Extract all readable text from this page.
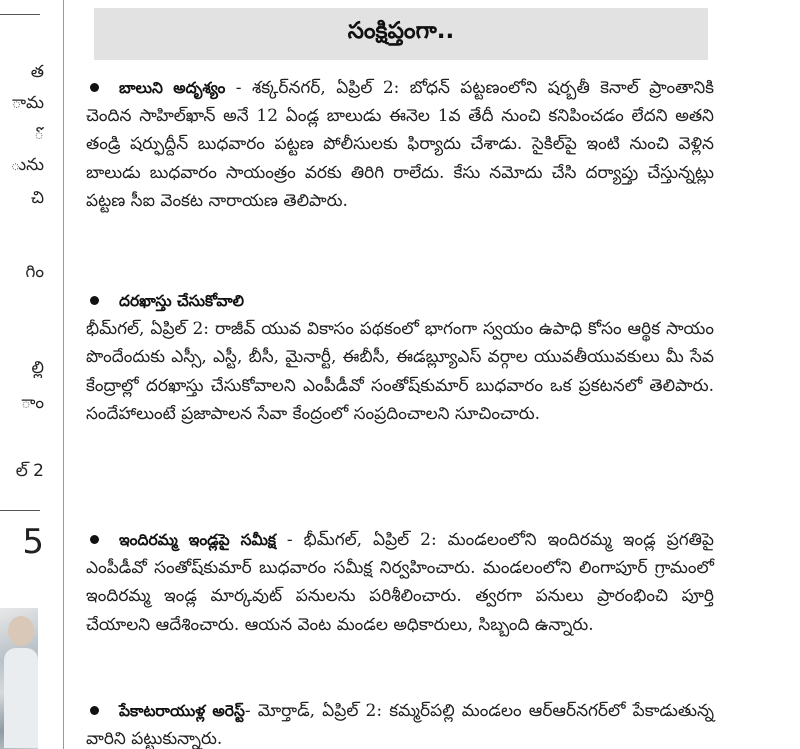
త
ామ
ో
ును
చి
గిం
ల్లి
ాం
ల్ 2
5
సంక్షిప్తంగా..

బాలుని అదృశ్యం - శక్కర్‌నగర్‌, ఏప్రిల్‌ 2: బోధన్‌ పట్టణంలోని షర్బతీ కెనాల్‌ ప్రాంతానికి చెందిన సాహిల్‌ఖాన్‌ అనే 12 ఏండ్ల బాలుడు ఈనెల 1వ తేదీ నుంచి కనిపించడం లేదని అతని తండ్రి షర్ఫుద్దీన్‌ బుధవారం పట్టణ పోలీసులకు ఫిర్యాదు చేశాడు. సైకిల్‌పై ఇంటి నుంచి వెళ్లిన బాలుడు బుధవారం సాయంత్రం వరకు తిరిగి రాలేదు. కేసు నమోదు చేసి దర్యాప్తు చేస్తున్నట్లు పట్టణ సీఐ వెంకట నారాయణ తెలిపారు.

దరఖాస్తు చేసుకోవాలి

భీమ్‌గల్‌, ఏప్రిల్‌ 2: రాజీవ్‌ యువ వికాసం పథకంలో భాగంగా స్వయం ఉపాధి కోసం ఆర్థిక సాయం పొందేందుకు ఎస్సీ, ఎస్టీ, బీసీ, మైనార్టీ, ఈబీసీ, ఈడబ్ల్యూఎస్‌ వర్గాల యువతీయువకులు మీ సేవ కేంద్రాల్లో దరఖాస్తు చేసుకోవాలని ఎంపీడీవో సంతోష్‌కుమార్‌ బుధవారం ఒక ప్రకటనలో తెలిపారు. సందేహాలుంటే ప్రజాపాలన సేవా కేంద్రంలో సంప్రదించాలని సూచించారు.

ఇందిరమ్మ ఇండ్లపై సమీక్ష - భీమ్‌గల్‌, ఏప్రిల్‌ 2: మండలంలోని ఇందిరమ్మ ఇండ్ల ప్రగతిపై ఎంపీడీవో సంతోష్‌కుమార్‌ బుధవారం సమీక్ష నిర్వహించారు. మండలంలోని లింగాపూర్‌ గ్రామంలో ఇందిరమ్మ ఇండ్ల మార్కవుట్‌ పనులను పరిశీలించారు. త్వరగా పనులు ప్రారంభించి పూర్తి చేయాలని ఆదేశించారు. ఆయన వెంట మండల అధికారులు, సిబ్బంది ఉన్నారు.

పేకాటరాయుళ్ల అరెస్ట్‌- మోర్తాడ్‌, ఏప్రిల్‌ 2: కమ్మర్‌పల్లి మండలం ఆర్‌ఆర్‌నగర్‌లో పేకాడుతున్న వారిని పట్టుకున్నారు.
